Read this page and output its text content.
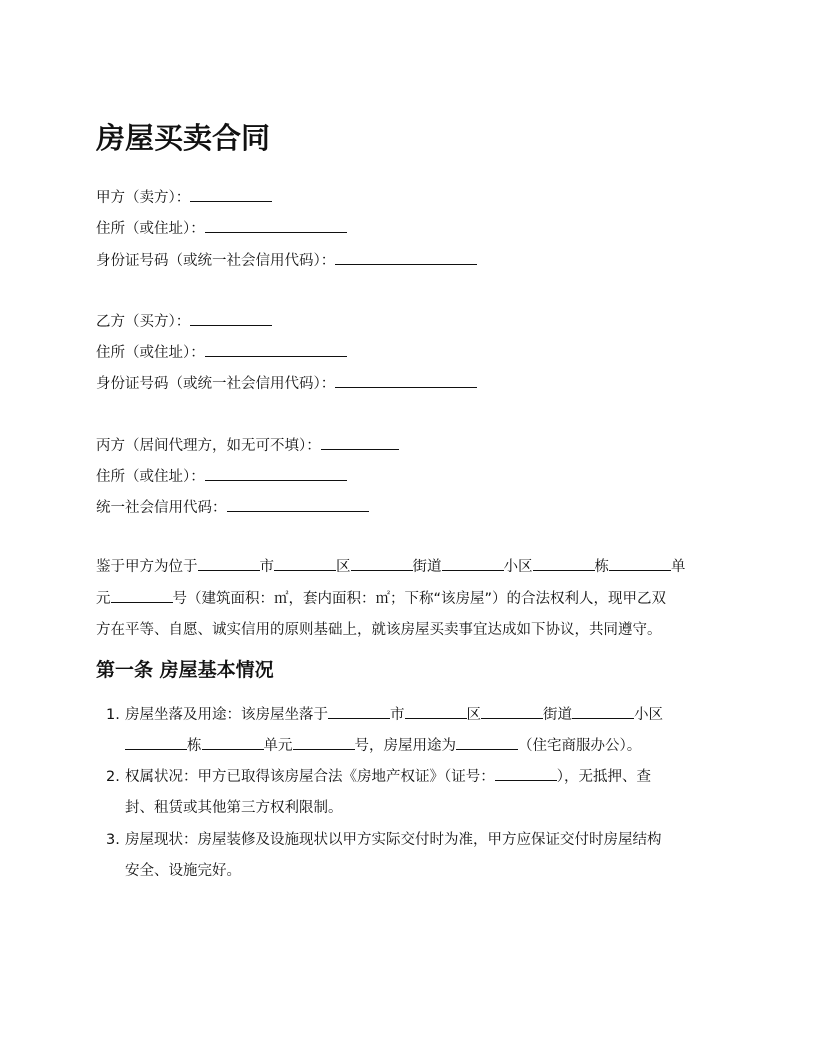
房屋买卖合同
甲方（卖方）：
住所（或住址）：
身份证号码（或统一社会信用代码）：
乙方（买方）：
住所（或住址）：
身份证号码（或统一社会信用代码）：
丙方（居间代理方，如无可不填）：
住所（或住址）：
统一社会信用代码：
鉴于甲方为位于	市	区	街道	小区	栋	单
元	号（建筑面积：㎡，套内面积：㎡；下称“该房屋”）的合法权利人，现甲乙双
方在平等、自愿、诚实信用的原则基础上，就该房屋买卖事宜达成如下协议，共同遵守。
第一条 房屋基本情况
1. 房屋坐落及用途：该房屋坐落于	市	区	街道	小区
栋	单元	号，房屋用途为	（住宅商服办公）。
2. 权属状况：甲方已取得该房屋合法《房地产权证》（证号：	），无抵押、查
封、租赁或其他第三方权利限制。
3. 房屋现状：房屋装修及设施现状以甲方实际交付时为准，甲方应保证交付时房屋结构
安全、设施完好。
